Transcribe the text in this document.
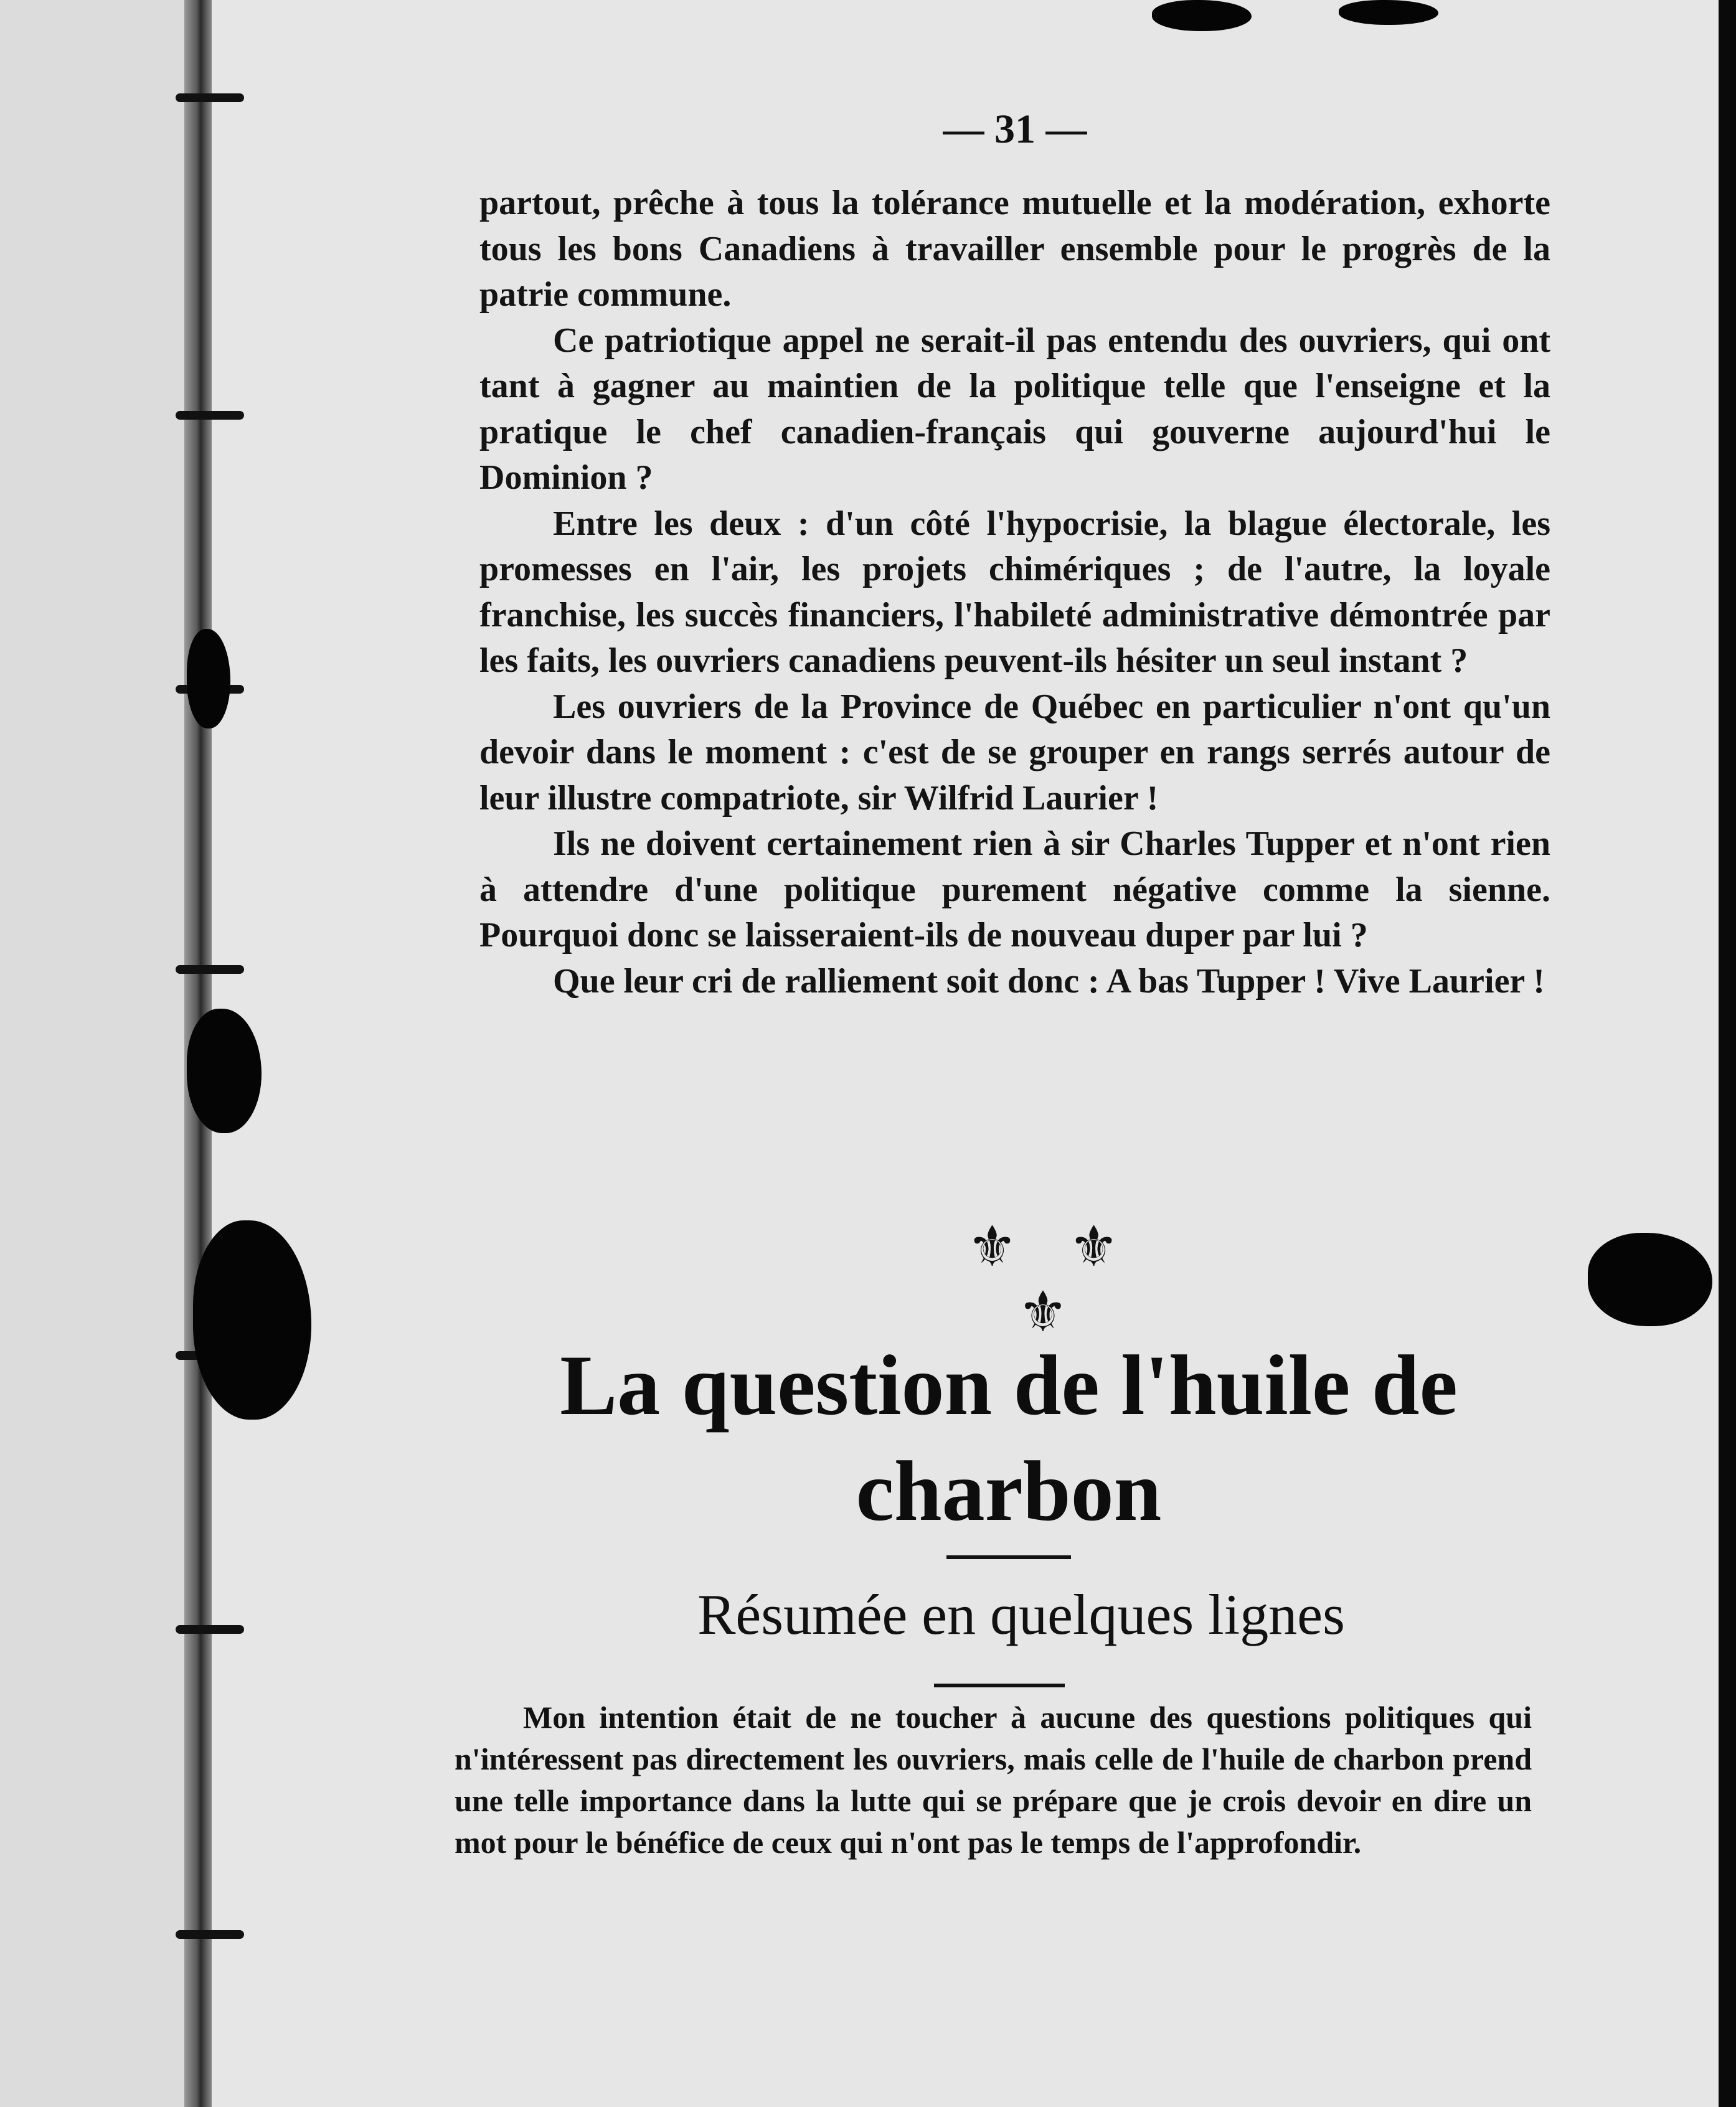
— 31 —

partout, prêche à tous la tolérance mutuelle et la modération, exhorte tous les bons Canadiens à travailler ensemble pour le progrès de la patrie commune.

Ce patriotique appel ne serait-il pas entendu des ouvriers, qui ont tant à gagner au maintien de la politique telle que l'enseigne et la pratique le chef canadien-français qui gouverne aujourd'hui le Dominion ?

Entre les deux : d'un côté l'hypocrisie, la blague électorale, les promesses en l'air, les projets chimériques ; de l'autre, la loyale franchise, les succès financiers, l'habileté administrative démontrée par les faits, les ouvriers canadiens peuvent-ils hésiter un seul instant ?

Les ouvriers de la Province de Québec en particulier n'ont qu'un devoir dans le moment : c'est de se grouper en rangs serrés autour de leur illustre compatriote, sir Wilfrid Laurier !

Ils ne doivent certainement rien à sir Charles Tupper et n'ont rien à attendre d'une politique purement négative comme la sienne. Pourquoi donc se laisseraient-ils de nouveau duper par lui ?

Que leur cri de ralliement soit donc : A bas Tupper ! Vive Laurier !

⚜ ⚜ ⚜
La question de l'huile de charbon
Résumée en quelques lignes

Mon intention était de ne toucher à aucune des questions politiques qui n'intéressent pas directement les ouvriers, mais celle de l'huile de charbon prend une telle importance dans la lutte qui se prépare que je crois devoir en dire un mot pour le bénéfice de ceux qui n'ont pas le temps de l'approfondir.
